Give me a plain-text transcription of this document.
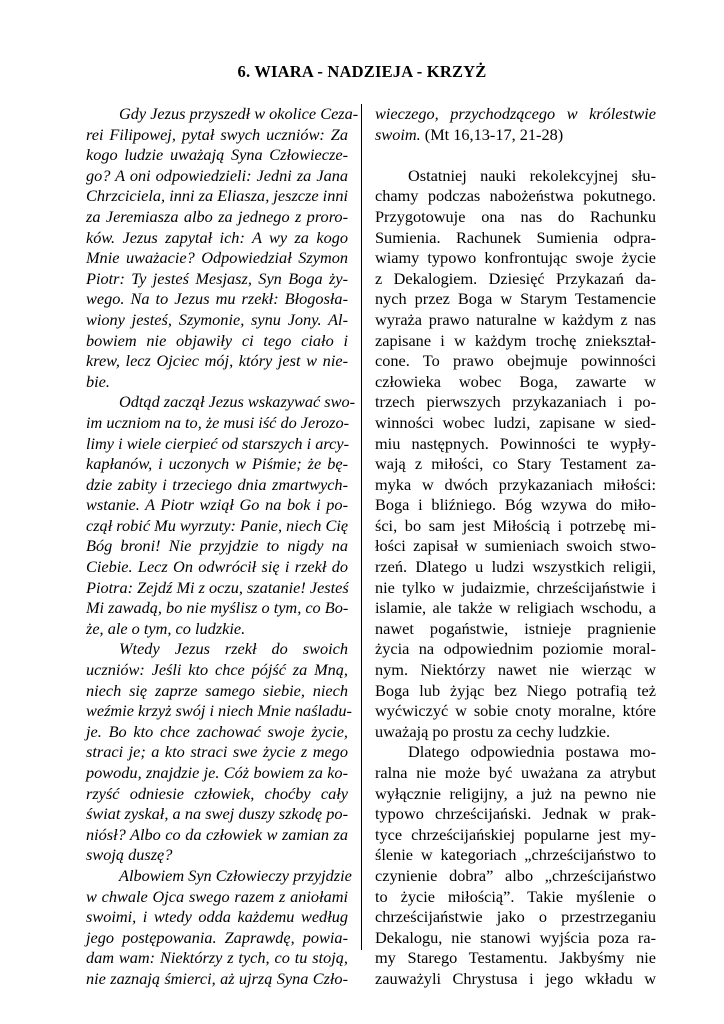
6. WIARA - NADZIEJA - KRZYŻ
Gdy Jezus przyszedł w okolice Ceza-
rei Filipowej, pytał swych uczniów: Za
kogo ludzie uważają Syna Człowiecze-
go? A oni odpowiedzieli: Jedni za Jana
Chrzciciela, inni za Eliasza, jeszcze inni
za Jeremiasza albo za jednego z proro-
ków. Jezus zapytał ich: A wy za kogo
Mnie uważacie? Odpowiedział Szymon
Piotr: Ty jesteś Mesjasz, Syn Boga ży-
wego. Na to Jezus mu rzekł: Błogosła-
wiony jesteś, Szymonie, synu Jony. Al-
bowiem nie objawiły ci tego ciało i
krew, lecz Ojciec mój, który jest w nie-
bie.
Odtąd zaczął Jezus wskazywać swo-
im uczniom na to, że musi iść do Jerozo-
limy i wiele cierpieć od starszych i arcy-
kapłanów, i uczonych w Piśmie; że bę-
dzie zabity i trzeciego dnia zmartwych-
wstanie. A Piotr wziął Go na bok i po-
czął robić Mu wyrzuty: Panie, niech Cię
Bóg broni! Nie przyjdzie to nigdy na
Ciebie. Lecz On odwrócił się i rzekł do
Piotra: Zejdź Mi z oczu, szatanie! Jesteś
Mi zawadą, bo nie myślisz o tym, co Bo-
że, ale o tym, co ludzkie.
Wtedy Jezus rzekł do swoich
uczniów: Jeśli kto chce pójść za Mną,
niech się zaprze samego siebie, niech
weźmie krzyż swój i niech Mnie naśladu-
je. Bo kto chce zachować swoje życie,
straci je; a kto straci swe życie z mego
powodu, znajdzie je. Cóż bowiem za ko-
rzyść odniesie człowiek, choćby cały
świat zyskał, a na swej duszy szkodę po-
niósł? Albo co da człowiek w zamian za
swoją duszę?
Albowiem Syn Człowieczy przyjdzie
w chwale Ojca swego razem z aniołami
swoimi, i wtedy odda każdemu według
jego postępowania. Zaprawdę, powia-
dam wam: Niektórzy z tych, co tu stoją,
nie zaznają śmierci, aż ujrzą Syna Czło-
wieczego, przychodzącego w królestwie
swoim. (Mt 16,13-17, 21-28)
Ostatniej nauki rekolekcyjnej słu-
chamy podczas nabożeństwa pokutnego.
Przygotowuje ona nas do Rachunku
Sumienia. Rachunek Sumienia odpra-
wiamy typowo konfrontując swoje życie
z Dekalogiem. Dziesięć Przykazań da-
nych przez Boga w Starym Testamencie
wyraża prawo naturalne w każdym z nas
zapisane i w każdym trochę zniekształ-
cone. To prawo obejmuje powinności
człowieka wobec Boga, zawarte w
trzech pierwszych przykazaniach i po-
winności wobec ludzi, zapisane w sied-
miu następnych. Powinności te wypły-
wają z miłości, co Stary Testament za-
myka w dwóch przykazaniach miłości:
Boga i bliźniego. Bóg wzywa do miło-
ści, bo sam jest Miłością i potrzebę mi-
łości zapisał w sumieniach swoich stwo-
rzeń. Dlatego u ludzi wszystkich religii,
nie tylko w judaizmie, chrześcijaństwie i
islamie, ale także w religiach wschodu, a
nawet pogaństwie, istnieje pragnienie
życia na odpowiednim poziomie moral-
nym. Niektórzy nawet nie wierząc w
Boga lub żyjąc bez Niego potrafią też
wyćwiczyć w sobie cnoty moralne, które
uważają po prostu za cechy ludzkie.
Dlatego odpowiednia postawa mo-
ralna nie może być uważana za atrybut
wyłącznie religijny, a już na pewno nie
typowo chrześcijański. Jednak w prak-
tyce chrześcijańskiej popularne jest my-
ślenie w kategoriach „chrześcijaństwo to
czynienie dobra” albo „chrześcijaństwo
to życie miłością”. Takie myślenie o
chrześcijaństwie jako o przestrzeganiu
Dekalogu, nie stanowi wyjścia poza ra-
my Starego Testamentu. Jakbyśmy nie
zauważyli Chrystusa i jego wkładu w
